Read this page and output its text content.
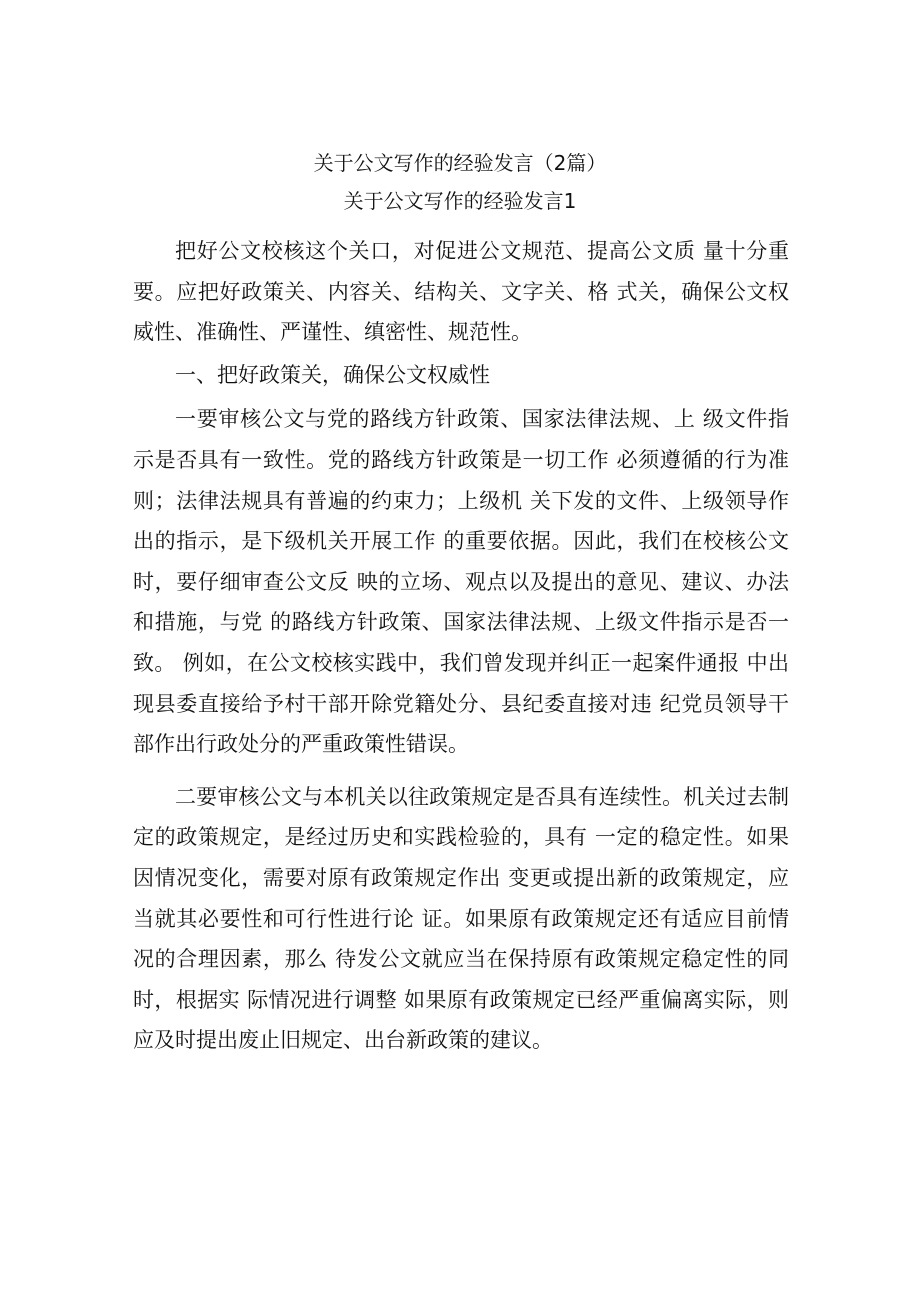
关于公文写作的经验发言（2篇）
关于公文写作的经验发言1

把好公文校核这个关口，对促进公文规范、提高公文质 量十分重要。应把好政策关、内容关、结构关、文字关、格 式关，确保公文权威性、准确性、严谨性、缜密性、规范性。

一、把好政策关，确保公文权威性

一要审核公文与党的路线方针政策、国家法律法规、上 级文件指示是否具有一致性。党的路线方针政策是一切工作 必须遵循的行为准则；法律法规具有普遍的约束力；上级机 关下发的文件、上级领导作出的指示，是下级机关开展工作 的重要依据。因此，我们在校核公文时，要仔细审查公文反 映的立场、观点以及提出的意见、建议、办法和措施，与党 的路线方针政策、国家法律法规、上级文件指示是否一致。 例如，在公文校核实践中，我们曾发现并纠正一起案件通报 中出现县委直接给予村干部开除党籍处分、县纪委直接对违 纪党员领导干部作出行政处分的严重政策性错误。

二要审核公文与本机关以往政策规定是否具有连续性。机关过去制定的政策规定，是经过历史和实践检验的，具有 一定的稳定性。如果因情况变化，需要对原有政策规定作出 变更或提出新的政策规定，应当就其必要性和可行性进行论 证。如果原有政策规定还有适应目前情况的合理因素，那么 待发公文就应当在保持原有政策规定稳定性的同时，根据实 际情况进行调整 如果原有政策规定已经严重偏离实际，则 应及时提出废止旧规定、出台新政策的建议。
